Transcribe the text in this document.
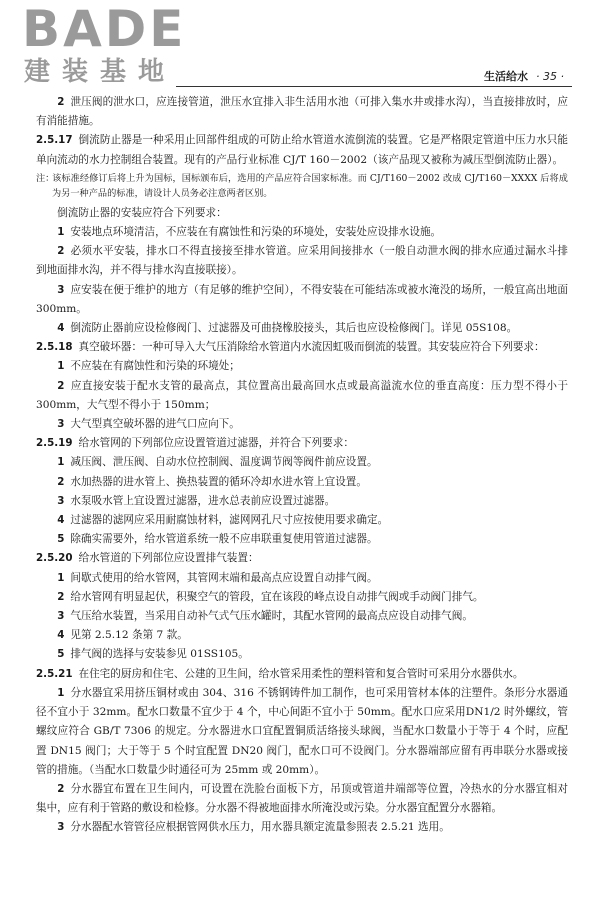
BADE
建装基地	生活给水 · 35 ·

2 泄压阀的泄水口，应连接管道，泄压水宜排入非生活用水池（可排入集水井或排水沟），当直接排放时，应有消能措施。

2.5.17 倒流防止器是一种采用止回部件组成的可防止给水管道水流倒流的装置。它是严格限定管道中压力水只能单向流动的水力控制组合装置。现有的产品行业标准 CJ/T 160－2002（该产品现又被称为减压型倒流防止器）。

注：该标准经修订后将上升为国标，国标颁布后，选用的产品应符合国家标准。而 CJ/T160－2002 改成 CJ/T160－XXXX 后将成为另一种产品的标准，请设计人员务必注意两者区别。

倒流防止器的安装应符合下列要求：

1 安装地点环境清洁，不应装在有腐蚀性和污染的环境处，安装处应设排水设施。

2 必须水平安装，排水口不得直接接至排水管道。应采用间接排水（一般自动泄水阀的排水应通过漏水斗排到地面排水沟，并不得与排水沟直接联接）。

3 应安装在便于维护的地方（有足够的维护空间），不得安装在可能结冻或被水淹没的场所，一般宜高出地面 300mm。

4 倒流防止器前应设检修阀门、过滤器及可曲挠橡胶接头，其后也应设检修阀门。详见 05S108。

2.5.18 真空破坏器：一种可导入大气压消除给水管道内水流因虹吸而倒流的装置。其安装应符合下列要求：

1 不应装在有腐蚀性和污染的环境处；

2 应直接安装于配水支管的最高点，其位置高出最高回水点或最高溢流水位的垂直高度：压力型不得小于 300mm，大气型不得小于 150mm；

3 大气型真空破坏器的进气口应向下。

2.5.19 给水管网的下列部位应设置管道过滤器，并符合下列要求：

1 减压阀、泄压阀、自动水位控制阀、温度调节阀等阀件前应设置。

2 水加热器的进水管上、换热装置的循环冷却水进水管上宜设置。

3 水泵吸水管上宜设置过滤器，进水总表前应设置过滤器。

4 过滤器的滤网应采用耐腐蚀材料，滤网网孔尺寸应按使用要求确定。

5 除确实需要外，给水管道系统一般不应串联重复使用管道过滤器。

2.5.20 给水管道的下列部位应设置排气装置：

1 间歇式使用的给水管网，其管网末端和最高点应设置自动排气阀。

2 给水管网有明显起伏，积聚空气的管段，宜在该段的峰点设自动排气阀或手动阀门排气。

3 气压给水装置，当采用自动补气式气压水罐时，其配水管网的最高点应设自动排气阀。

4 见第 2.5.12 条第 7 款。

5 排气阀的选择与安装参见 01SS105。

2.5.21 在住宅的厨房和住宅、公建的卫生间，给水管采用柔性的塑料管和复合管时可采用分水器供水。

1 分水器宜采用挤压铜材或由 304、316 不锈钢铸件加工制作，也可采用管材本体的注塑件。条形分水器通径不宜小于 32mm。配水口数量不宜少于 4 个，中心间距不宜小于 50mm。配水口应采用DN1/2 时外螺纹，管螺纹应符合 GB/T 7306 的规定。分水器进水口宜配置铜质活络接头球阀，当配水口数量小于等于 4 个时，应配置 DN15 阀门；大于等于 5 个时宜配置 DN20 阀门，配水口可不设阀门。分水器端部应留有再串联分水器或接管的措施。（当配水口数量少时通径可为 25mm 或 20mm）。

2 分水器宜布置在卫生间内，可设置在洗脸台面板下方，吊顶或管道井端部等位置，冷热水的分水器宜相对集中，应有利于管路的敷设和检修。分水器不得被地面排水所淹没或污染。分水器宜配置分水器箱。

3 分水器配水管管径应根据管网供水压力，用水器具额定流量参照表 2.5.21 选用。
